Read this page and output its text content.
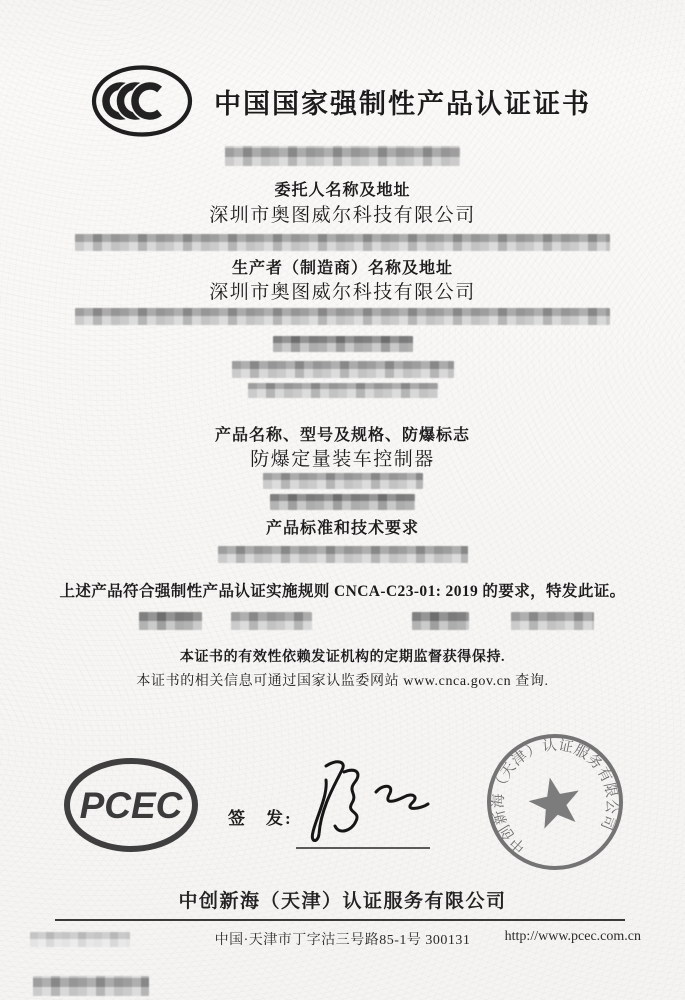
中国国家强制性产品认证证书
委托人名称及地址
深圳市奥图威尔科技有限公司
生产者（制造商）名称及地址
深圳市奥图威尔科技有限公司
产品名称、型号及规格、防爆标志
防爆定量装车控制器
产品标准和技术要求
上述产品符合强制性产品认证实施规则 CNCA-C23-01: 2019 的要求，特发此证。
本证书的有效性依赖发证机构的定期监督获得保持.
本证书的相关信息可通过国家认监委网站 www.cnca.gov.cn 查询.
PCEC	签　发:
中创新海（天津）认证服务有限公司
中创新海（天津）认证服务有限公司
中国·天津市丁字沽三号路85-1号 300131	http://www.pcec.com.cn
